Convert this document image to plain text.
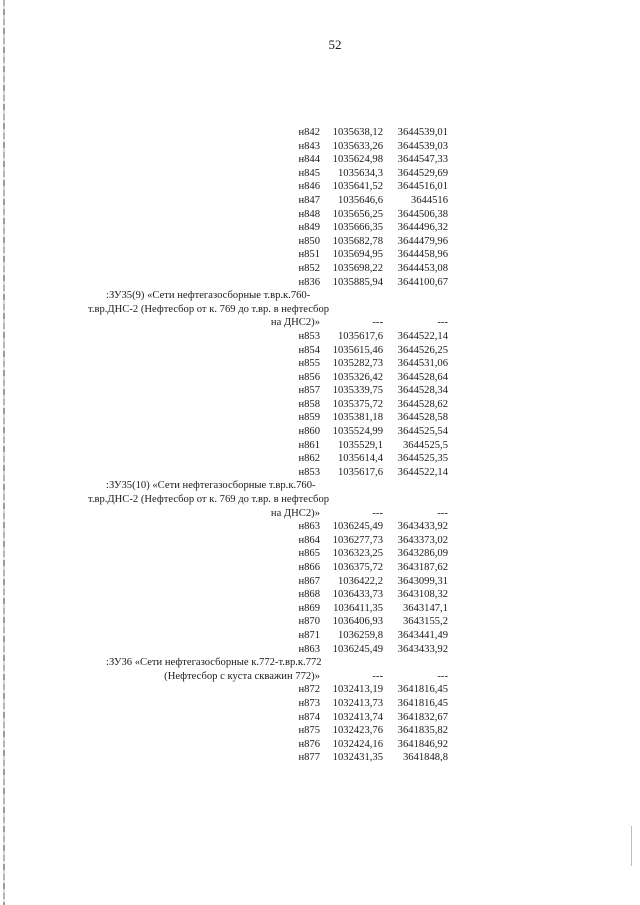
52
н842	1035638,12	3644539,01
н843	1035633,26	3644539,03
н844	1035624,98	3644547,33
н845	1035634,3	3644529,69
н846	1035641,52	3644516,01
н847	1035646,6	3644516
н848	1035656,25	3644506,38
н849	1035666,35	3644496,32
н850	1035682,78	3644479,96
н851	1035694,95	3644458,96
н852	1035698,22	3644453,08
н836	1035885,94	3644100,67
:ЗУ35(9) «Сети нефтегазосборные т.вр.к.760-
т.вр.ДНС-2 (Нефтесбор от к. 769 до т.вр. в нефтесбор
на ДНС2)»	---	---
н853	1035617,6	3644522,14
н854	1035615,46	3644526,25
н855	1035282,73	3644531,06
н856	1035326,42	3644528,64
н857	1035339,75	3644528,34
н858	1035375,72	3644528,62
н859	1035381,18	3644528,58
н860	1035524,99	3644525,54
н861	1035529,1	3644525,5
н862	1035614,4	3644525,35
н853	1035617,6	3644522,14
:ЗУ35(10) «Сети нефтегазосборные т.вр.к.760-
т.вр.ДНС-2 (Нефтесбор от к. 769 до т.вр. в нефтесбор
на ДНС2)»	---	---
н863	1036245,49	3643433,92
н864	1036277,73	3643373,02
н865	1036323,25	3643286,09
н866	1036375,72	3643187,62
н867	1036422,2	3643099,31
н868	1036433,73	3643108,32
н869	1036411,35	3643147,1
н870	1036406,93	3643155,2
н871	1036259,8	3643441,49
н863	1036245,49	3643433,92
:ЗУ36 «Сети нефтегазосборные к.772-т.вр.к.772
(Нефтесбор с куста скважин 772)»	---	---
н872	1032413,19	3641816,45
н873	1032413,73	3641816,45
н874	1032413,74	3641832,67
н875	1032423,76	3641835,82
н876	1032424,16	3641846,92
н877	1032431,35	3641848,8
